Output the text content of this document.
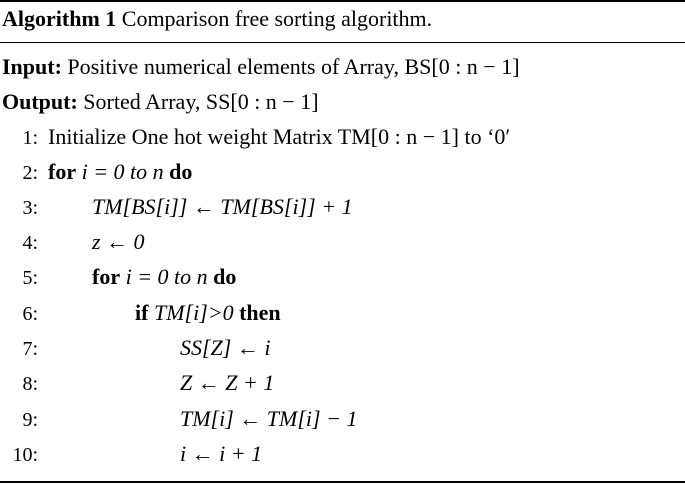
Algorithm 1 Comparison free sorting algorithm.
Input: Positive numerical elements of Array, BS[0 : n − 1]
Output: Sorted Array, SS[0 : n − 1]
1: Initialize One hot weight Matrix TM[0 : n − 1] to ‘0′
2: for i = 0 to n do
3: TM[BS[i]] ← TM[BS[i]] + 1
4: z ← 0
5: for i = 0 to n do
6:	if TM[i]>0 then
7:	SS[Z] ← i
8:	Z ← Z + 1
9:	TM[i] ← TM[i] − 1
10:	i ← i + 1
